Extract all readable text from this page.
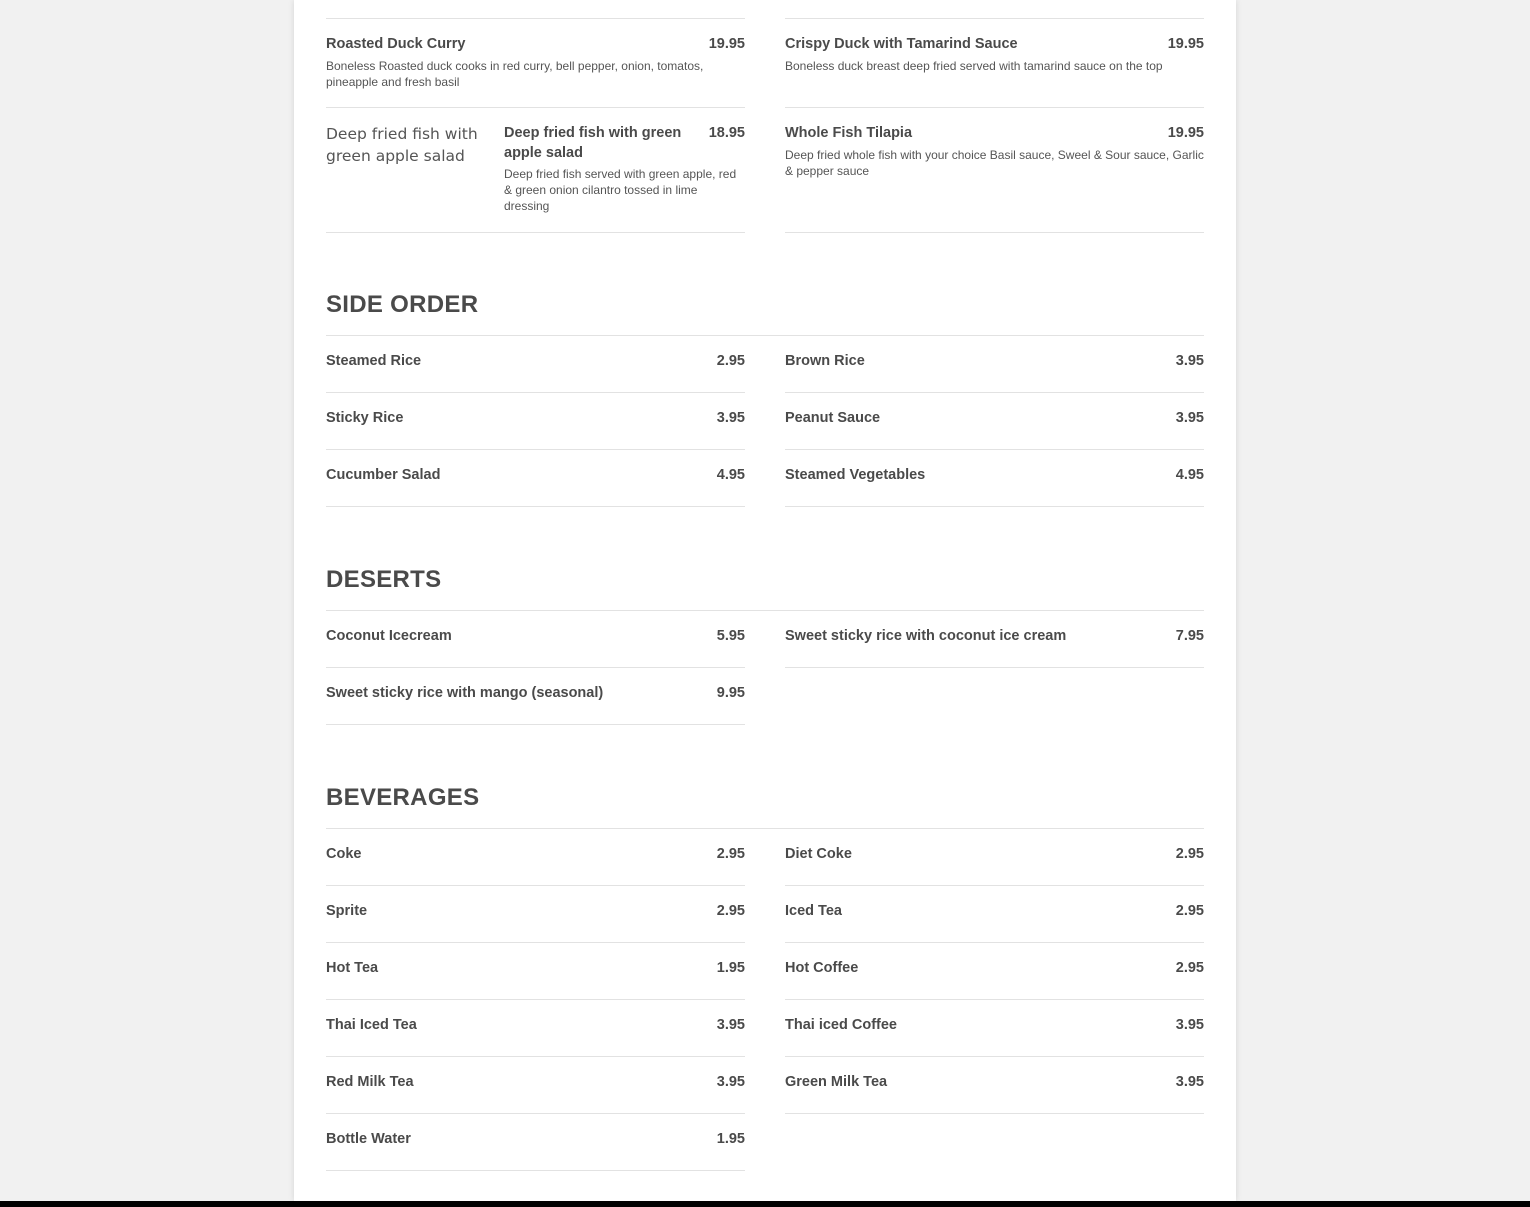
19.95
Roasted Duck Curry
Boneless Roasted duck cooks in red curry, bell pepper, onion, tomatos, pineapple and fresh basil
Deep fried fish with green apple salad
18.95
Deep fried fish with green apple salad
Deep fried fish served with green apple, red & green onion cilantro tossed in lime dressing
19.95
Crispy Duck with Tamarind Sauce
Boneless duck breast deep fried served with tamarind sauce on the top
19.95
Whole Fish Tilapia
Deep fried whole fish with your choice Basil sauce, Sweel & Sour sauce, Garlic & pepper sauce
SIDE ORDER
2.95
Steamed Rice
3.95
Sticky Rice
4.95
Cucumber Salad
3.95
Brown Rice
3.95
Peanut Sauce
4.95
Steamed Vegetables
DESERTS
5.95
Coconut Icecream
9.95
Sweet sticky rice with mango (seasonal)
7.95
Sweet sticky rice with coconut ice cream
BEVERAGES
2.95
Coke
2.95
Sprite
1.95
Hot Tea
3.95
Thai Iced Tea
3.95
Red Milk Tea
1.95
Bottle Water
2.95
Diet Coke
2.95
Iced Tea
2.95
Hot Coffee
3.95
Thai iced Coffee
3.95
Green Milk Tea
